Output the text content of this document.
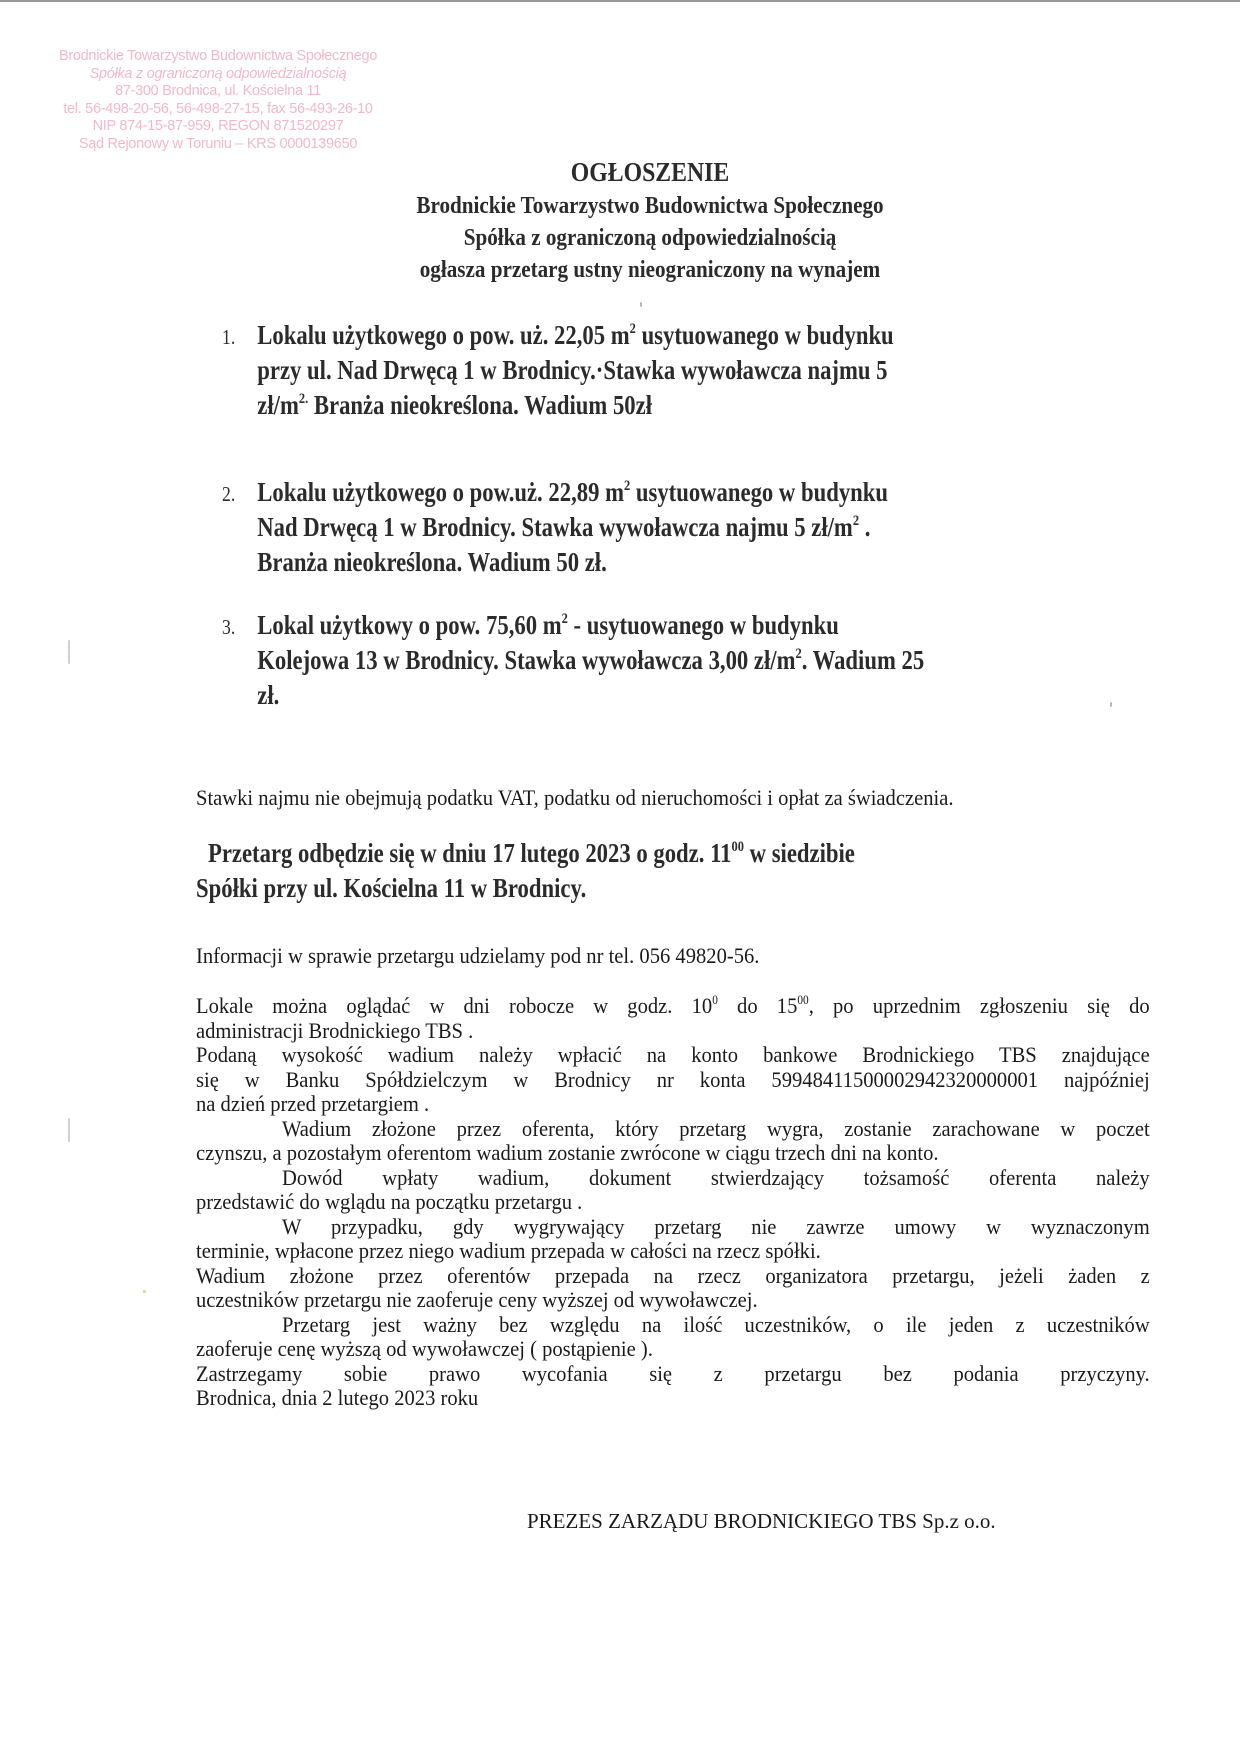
Brodnickie Towarzystwo Budownictwa Społecznego
Spółka z ograniczoną odpowiedzialnością
87-300 Brodnica, ul. Kościelna 11
tel. 56-498-20-56, 56-498-27-15, fax 56-493-26-10
NIP 874-15-87-959, REGON 871520297
Sąd Rejonowy w Toruniu – KRS 0000139650
OGŁOSZENIE
Brodnickie Towarzystwo Budownictwa Społecznego
Spółka z ograniczoną odpowiedzialnością
ogłasza przetarg ustny nieograniczony na wynajem
1. Lokalu użytkowego o pow. uż. 22,05 $m^2$ usytuowanego w budynku
przy ul. Nad Drwęcą 1 w Brodnicy.·Stawka wywoławcza najmu 5
$zł/m^{2.}$ Branża nieokreślona. Wadium 50zł
2. Lokalu użytkowego o pow.uż. 22,89 $m^2$ usytuowanego w budynku
Nad Drwęcą 1 w Brodnicy. Stawka wywoławcza najmu 5 $zł/m^2$ .
Branża nieokreślona. Wadium 50 zł.
3. Lokal użytkowy o pow. 75,60 $m^2$ - usytuowanego w budynku
Kolejowa 13 w Brodnicy. Stawka wywoławcza 3,00 $zł/m^2$. Wadium 25
zł.
Stawki najmu nie obejmują podatku VAT, podatku od nieruchomości i opłat za świadczenia.
Przetarg odbędzie się w dniu 17 lutego 2023 o godz. $11^{00}$ w siedzibie
Spółki przy ul. Kościelna 11 w Brodnicy.
Informacji w sprawie przetargu udzielamy pod nr tel. 056 49820-56.
Lokale można oglądać w dni robocze w godz. $10^0$ do $15^{00}$, po uprzednim zgłoszeniu się do
administracji Brodnickiego TBS .
Podaną wysokość wadium należy wpłacić na konto bankowe Brodnickiego TBS znajdujące
się w Banku Spółdzielczym w Brodnicy nr konta 59948411500002942320000001 najpóźniej
na dzień przed przetargiem .
Wadium złożone przez oferenta, który przetarg wygra, zostanie zarachowane w poczet
czynszu, a pozostałym oferentom wadium zostanie zwrócone w ciągu trzech dni na konto.
Dowód wpłaty wadium, dokument stwierdzający tożsamość oferenta należy
przedstawić do wglądu na początku przetargu .
W przypadku, gdy wygrywający przetarg nie zawrze umowy w wyznaczonym
terminie, wpłacone przez niego wadium przepada w całości na rzecz spółki.
Wadium złożone przez oferentów przepada na rzecz organizatora przetargu, jeżeli żaden z
uczestników przetargu nie zaoferuje ceny wyższej od wywoławczej.
Przetarg jest ważny bez względu na ilość uczestników, o ile jeden z uczestników
zaoferuje cenę wyższą od wywoławczej ( postąpienie ).
Zastrzegamy sobie prawo wycofania się z przetargu bez podania przyczyny.
Brodnica, dnia 2 lutego 2023 roku
PREZES ZARZĄDU BRODNICKIEGO TBS Sp.z o.o.
